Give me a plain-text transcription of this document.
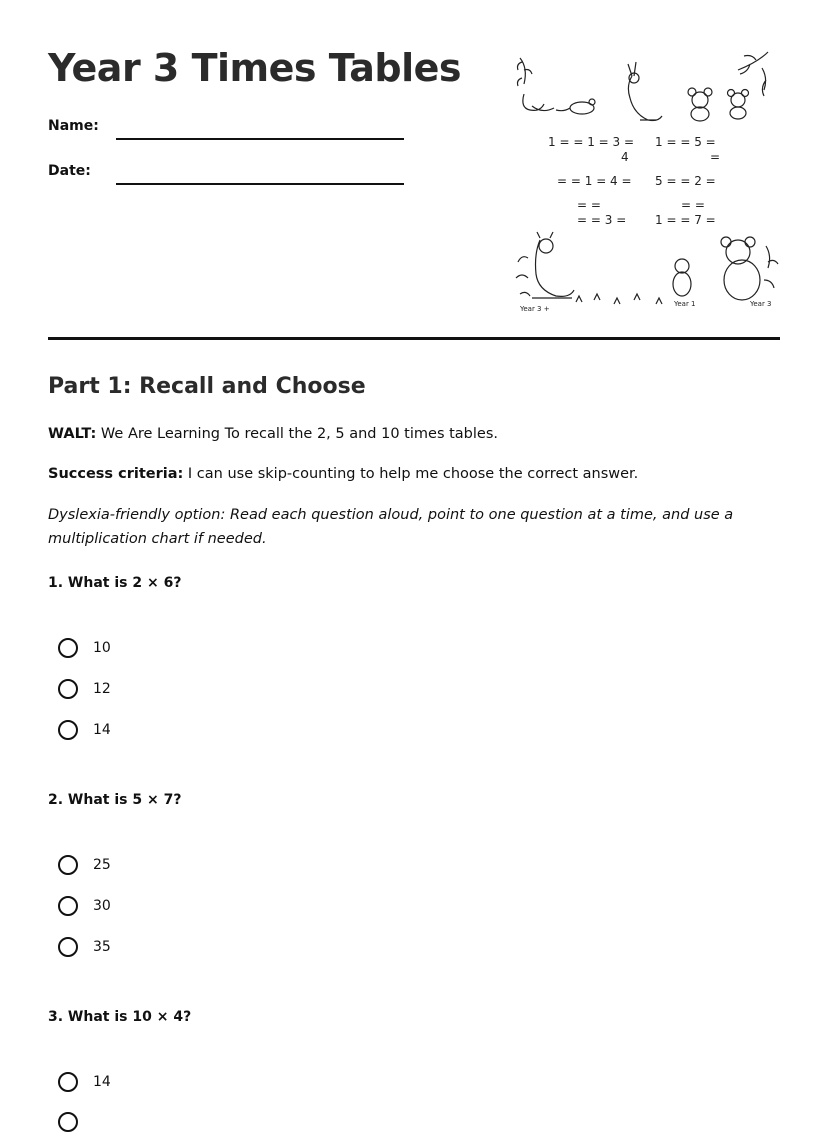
Year 3 Times Tables
Name:
Date:
1 = = 1 = 3 = 1 = = 5 =
4	=
= = 1 = 4 = 5 = = 2 =
= =	= =
= = 3 = 1 = = 7 =
Year 3 +
Year 1	Year 3
Part 1: Recall and Choose

WALT: We Are Learning To recall the 2, 5 and 10 times tables.

Success criteria: I can use skip-counting to help me choose the correct answer.

Dyslexia-friendly option: Read each question aloud, point to one question at a time, and use a

multiplication chart if needed.

1. What is 2 × 6?

10
12
14

2. What is 5 × 7?

25
30
35

3. What is 10 × 4?

14
